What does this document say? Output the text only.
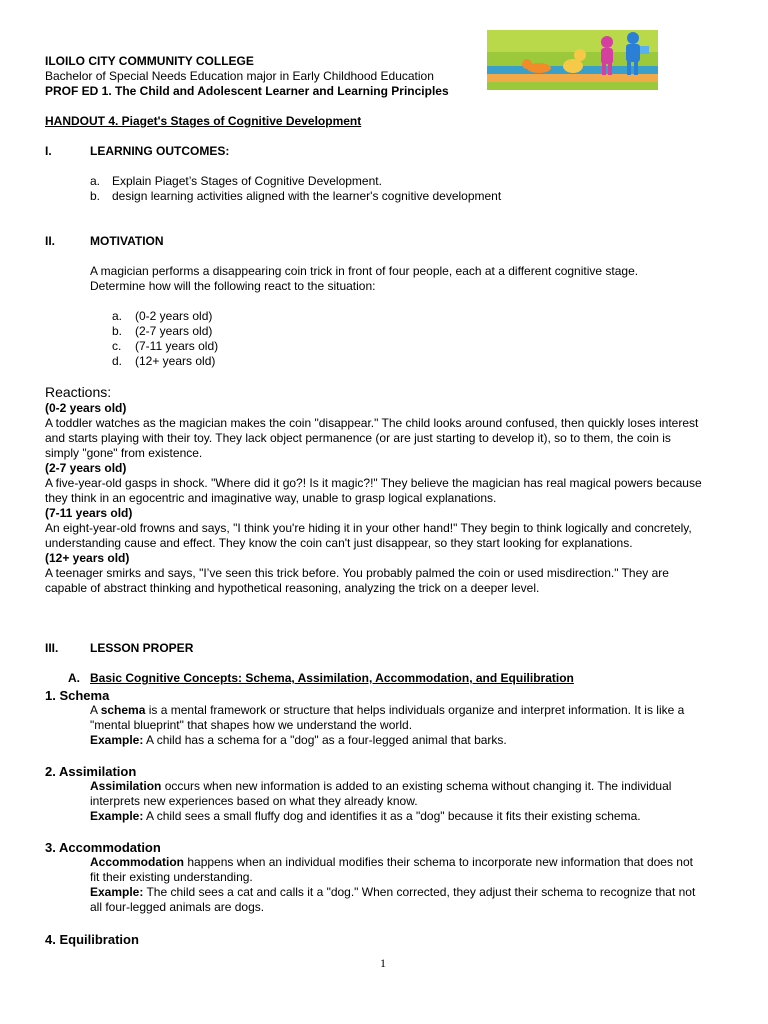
ILOILO CITY COMMUNITY COLLEGE
Bachelor of Special Needs Education major in Early Childhood Education
PROF ED 1. The Child and Adolescent Learner and Learning Principles
HANDOUT 4. Piaget's Stages of Cognitive Development
I.	LEARNING OUTCOMES:
a. Explain Piaget’s Stages of Cognitive Development.
b. design learning activities aligned with the learner's cognitive development
II.	MOTIVATION
A magician performs a disappearing coin trick in front of four people, each at a different cognitive stage.
Determine how will the following react to the situation:
a. (0-2 years old)
b. (2-7 years old)
c. (7-11 years old)
d. (12+ years old)
Reactions:
(0-2 years old)
A toddler watches as the magician makes the coin "disappear." The child looks around confused, then quickly loses interest
and starts playing with their toy. They lack object permanence (or are just starting to develop it), so to them, the coin is
simply "gone" from existence.
(2-7 years old)
A five-year-old gasps in shock. "Where did it go?! Is it magic?!" They believe the magician has real magical powers because
they think in an egocentric and imaginative way, unable to grasp logical explanations.
(7-11 years old)
An eight-year-old frowns and says, "I think you're hiding it in your other hand!" They begin to think logically and concretely,
understanding cause and effect. They know the coin can't just disappear, so they start looking for explanations.
(12+ years old)
A teenager smirks and says, "I’ve seen this trick before. You probably palmed the coin or used misdirection." They are
capable of abstract thinking and hypothetical reasoning, analyzing the trick on a deeper level.
III.	LESSON PROPER
A. Basic Cognitive Concepts: Schema, Assimilation, Accommodation, and Equilibration
1. Schema
A schema is a mental framework or structure that helps individuals organize and interpret information. It is like a
"mental blueprint" that shapes how we understand the world.
Example: A child has a schema for a "dog" as a four-legged animal that barks.
2. Assimilation
Assimilation occurs when new information is added to an existing schema without changing it. The individual
interprets new experiences based on what they already know.
Example: A child sees a small fluffy dog and identifies it as a "dog" because it fits their existing schema.
3. Accommodation
Accommodation happens when an individual modifies their schema to incorporate new information that does not
fit their existing understanding.
Example: The child sees a cat and calls it a "dog." When corrected, they adjust their schema to recognize that not
all four-legged animals are dogs.
4. Equilibration
1
